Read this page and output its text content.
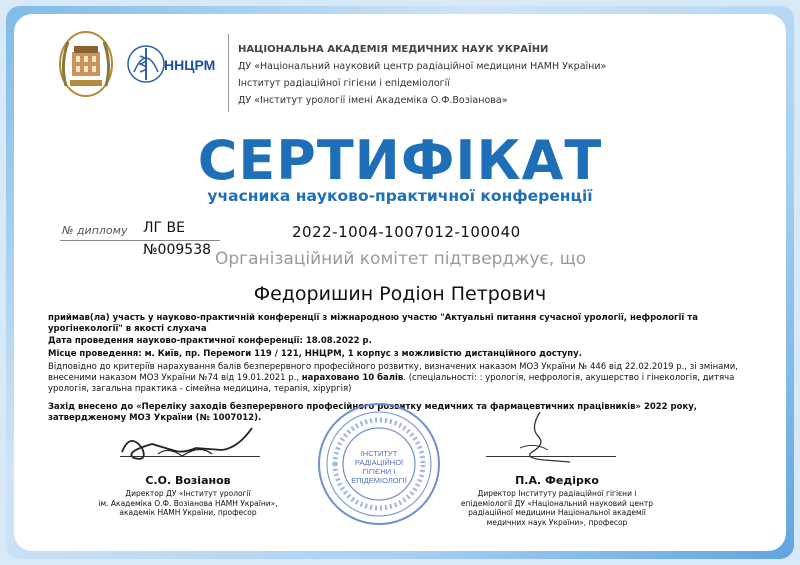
ННЦРМ
НАЦІОНАЛЬНА АКАДЕМІЯ МЕДИЧНИХ НАУК УКРАЇНИ
ДУ «Національний науковий центр радіаційної медицини НАМН України»
Інститут радіаційної гігієни і епідеміології
ДУ «Інститут урології імені Академіка О.Ф.Возіанова»
СЕРТИФІКАТ
учасника науково-практичної конференції
№ диплому ЛГ ВЕ
№009538
2022-1004-1007012-100040
Організаційний комітет підтверджує, що
Федоришин Родіон Петрович
приймав(ла) участь у науково-практичній конференції з міжнародною участю "Актуальні питання сучасної урології, нефрології та урогінекології" в якості слухача
Дата проведення науково-практичної конференції: 18.08.2022 р.
Місце проведення: м. Київ, пр. Перемоги 119 / 121, ННЦРМ, 1 корпус з можливістю дистанційного доступу.
Відповідно до критеріїв нарахування балів безперервного професійного розвитку, визначених наказом МОЗ України № 446 від 22.02.2019 р., зі змінами, внесеними наказом МОЗ України №74 від 19.01.2021 р., нараховано 10 балів. (спеціальності: : урологія, нефрологія, акушерство і гінекологія, дитяча урологія, загальна практика - сімейна медицина, терапія, хірургія)
Захід внесено до «Переліку заходів безперервного професійного розвитку медичних та фармацевтичних працівників» 2022 року, затвердженому МОЗ України (№ 1007012).
С.О. Возіанов
Директор ДУ «Інститут урології
ім. Академіка О.Ф. Возіанова НАМН України»,
академік НАМН України, професор
ІНСТИТУТ
РАДІАЦІЙНОЇ
ГІГІЄНИ І
ЕПІДЕМІОЛОГІЇ	П.А. Федірко
Директор Інституту радіаційної гігієни і
епідеміології ДУ «Національний науковий центр
радіаційної медицини Національної академії
медичних наук України», професор
